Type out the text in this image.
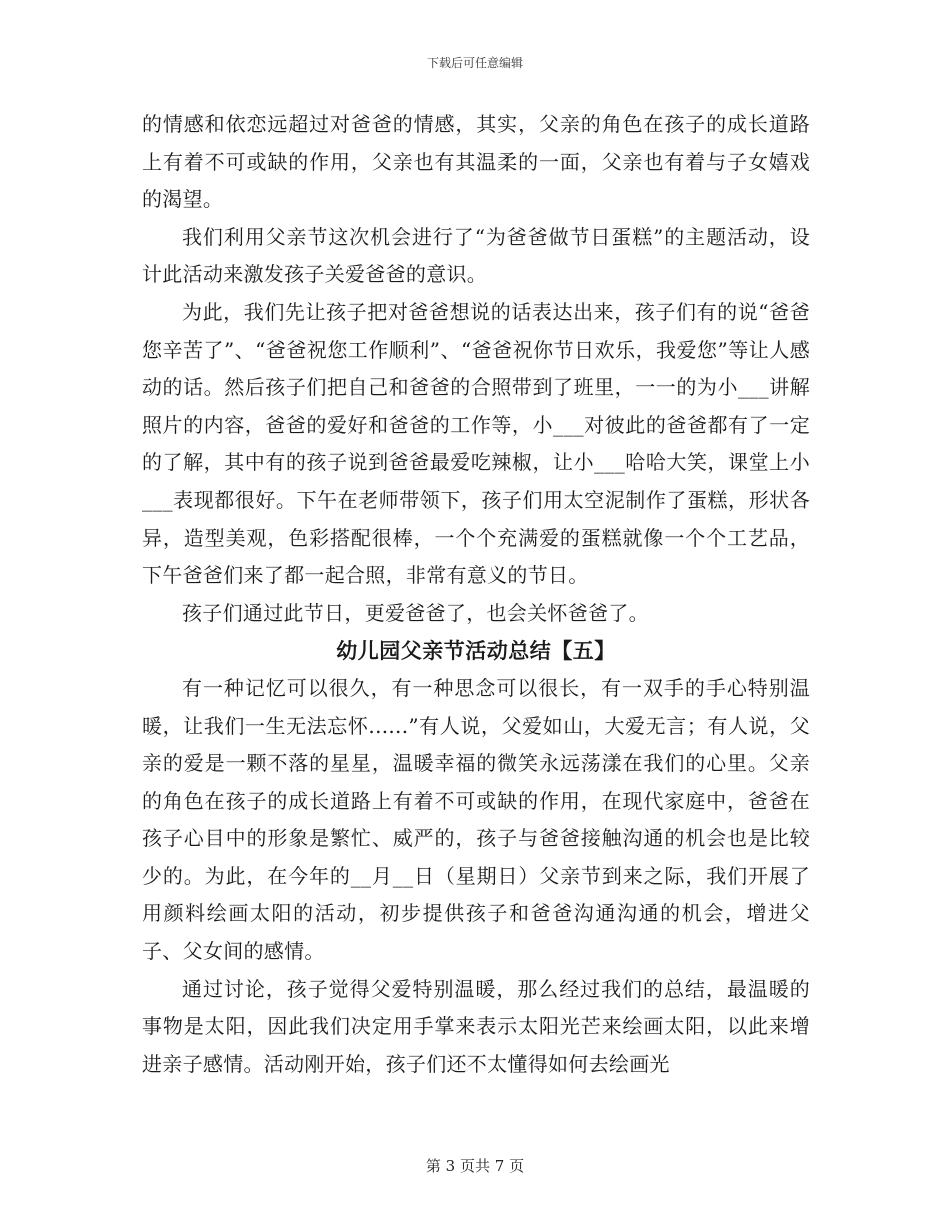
下载后可任意编辑

的情感和依恋远超过对爸爸的情感，其实，父亲的角色在孩子的成长道路上有着不可或缺的作用，父亲也有其温柔的一面，父亲也有着与子女嬉戏的渴望。

我们利用父亲节这次机会进行了“为爸爸做节日蛋糕”的主题活动，设计此活动来激发孩子关爱爸爸的意识。

为此，我们先让孩子把对爸爸想说的话表达出来，孩子们有的说“爸爸您辛苦了”、“爸爸祝您工作顺利”、“爸爸祝你节日欢乐，我爱您”等让人感动的话。然后孩子们把自己和爸爸的合照带到了班里，一一的为小___讲解照片的内容，爸爸的爱好和爸爸的工作等，小___对彼此的爸爸都有了一定的了解，其中有的孩子说到爸爸最爱吃辣椒，让小___哈哈大笑，课堂上小___表现都很好。下午在老师带领下，孩子们用太空泥制作了蛋糕，形状各异，造型美观，色彩搭配很棒，一个个充满爱的蛋糕就像一个个工艺品，下午爸爸们来了都一起合照，非常有意义的节日。

孩子们通过此节日，更爱爸爸了，也会关怀爸爸了。

幼儿园父亲节活动总结【五】

有一种记忆可以很久，有一种思念可以很长，有一双手的手心特别温暖，让我们一生无法忘怀......”有人说，父爱如山，大爱无言；有人说，父亲的爱是一颗不落的星星，温暖幸福的微笑永远荡漾在我们的心里。父亲的角色在孩子的成长道路上有着不可或缺的作用，在现代家庭中，爸爸在孩子心目中的形象是繁忙、威严的，孩子与爸爸接触沟通的机会也是比较少的。为此，在今年的__月__日（星期日）父亲节到来之际，我们开展了用颜料绘画太阳的活动，初步提供孩子和爸爸沟通沟通的机会，增进父子、父女间的感情。

通过讨论，孩子觉得父爱特别温暖，那么经过我们的总结，最温暖的事物是太阳，因此我们决定用手掌来表示太阳光芒来绘画太阳，以此来增进亲子感情。活动刚开始，孩子们还不太懂得如何去绘画光

第 3 页共 7 页
